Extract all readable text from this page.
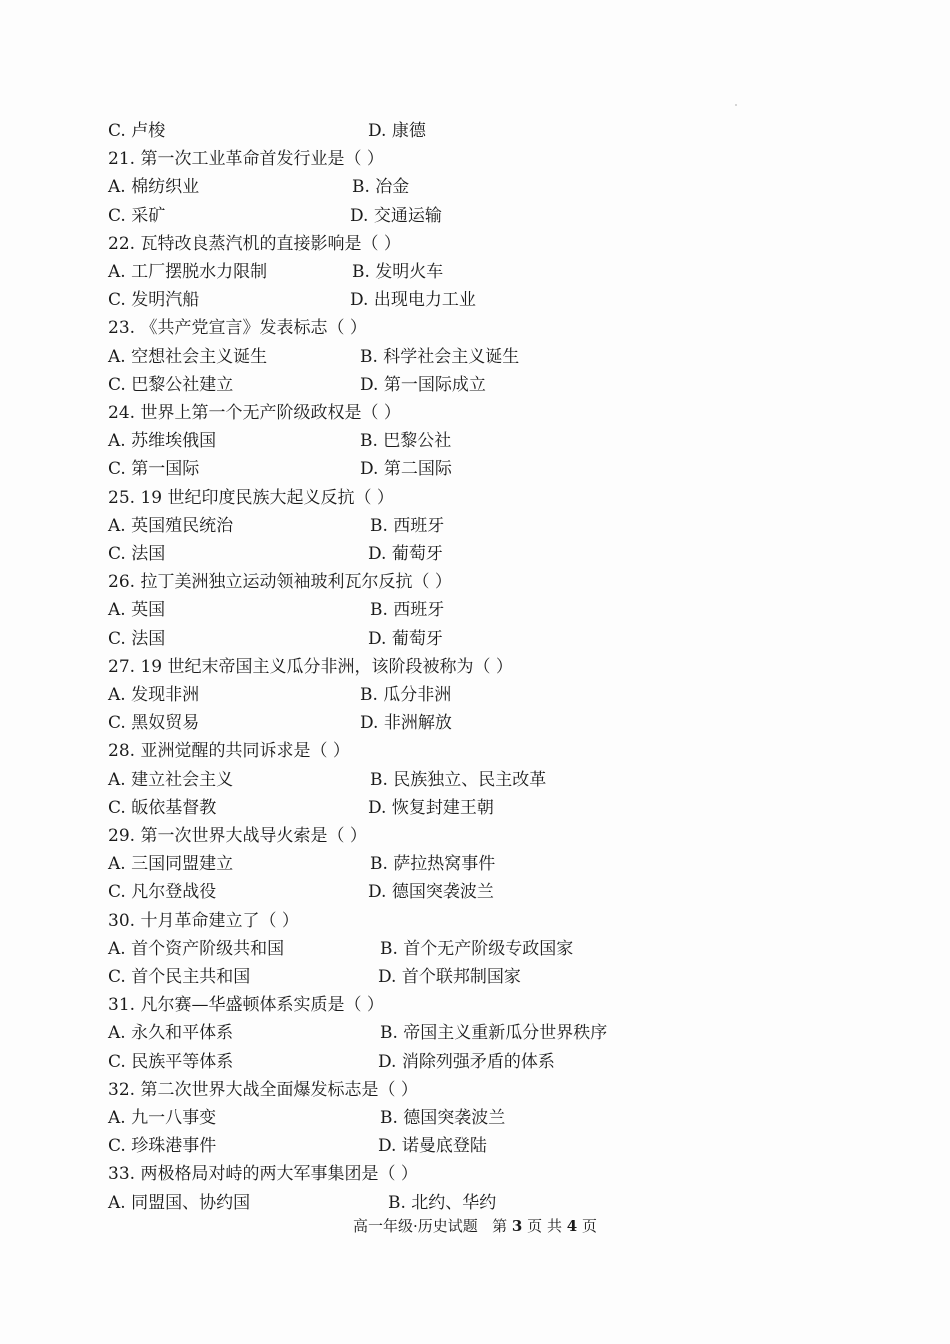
C. 卢梭	D. 康德
21. 第一次工业革命首发行业是（ ）
A. 棉纺织业	B. 冶金
C. 采矿	D. 交通运输
22. 瓦特改良蒸汽机的直接影响是（ ）
A. 工厂摆脱水力限制	B. 发明火车
C. 发明汽船	D. 出现电力工业
23. 《共产党宣言》发表标志（ ）
A. 空想社会主义诞生	B. 科学社会主义诞生
C. 巴黎公社建立	D. 第一国际成立
24. 世界上第一个无产阶级政权是（ ）
A. 苏维埃俄国	B. 巴黎公社
C. 第一国际	D. 第二国际
25. 19 世纪印度民族大起义反抗（ ）
A. 英国殖民统治	B. 西班牙
C. 法国	D. 葡萄牙
26. 拉丁美洲独立运动领袖玻利瓦尔反抗（ ）
A. 英国	B. 西班牙
C. 法国	D. 葡萄牙
27. 19 世纪末帝国主义瓜分非洲，该阶段被称为（ ）
A. 发现非洲	B. 瓜分非洲
C. 黑奴贸易	D. 非洲解放
28. 亚洲觉醒的共同诉求是（ ）
A. 建立社会主义	B. 民族独立、民主改革
C. 皈依基督教	D. 恢复封建王朝
29. 第一次世界大战导火索是（ ）
A. 三国同盟建立	B. 萨拉热窝事件
C. 凡尔登战役	D. 德国突袭波兰
30. 十月革命建立了（ ）
A. 首个资产阶级共和国	B. 首个无产阶级专政国家
C. 首个民主共和国	D. 首个联邦制国家
31. 凡尔赛—华盛顿体系实质是（ ）
A. 永久和平体系	B. 帝国主义重新瓜分世界秩序
C. 民族平等体系	D. 消除列强矛盾的体系
32. 第二次世界大战全面爆发标志是（ ）
A. 九一八事变	B. 德国突袭波兰
C. 珍珠港事件	D. 诺曼底登陆
33. 两极格局对峙的两大军事集团是（ ）
A. 同盟国、协约国	B. 北约、华约
高一年级·历史试题 第 3 页 共 4 页
